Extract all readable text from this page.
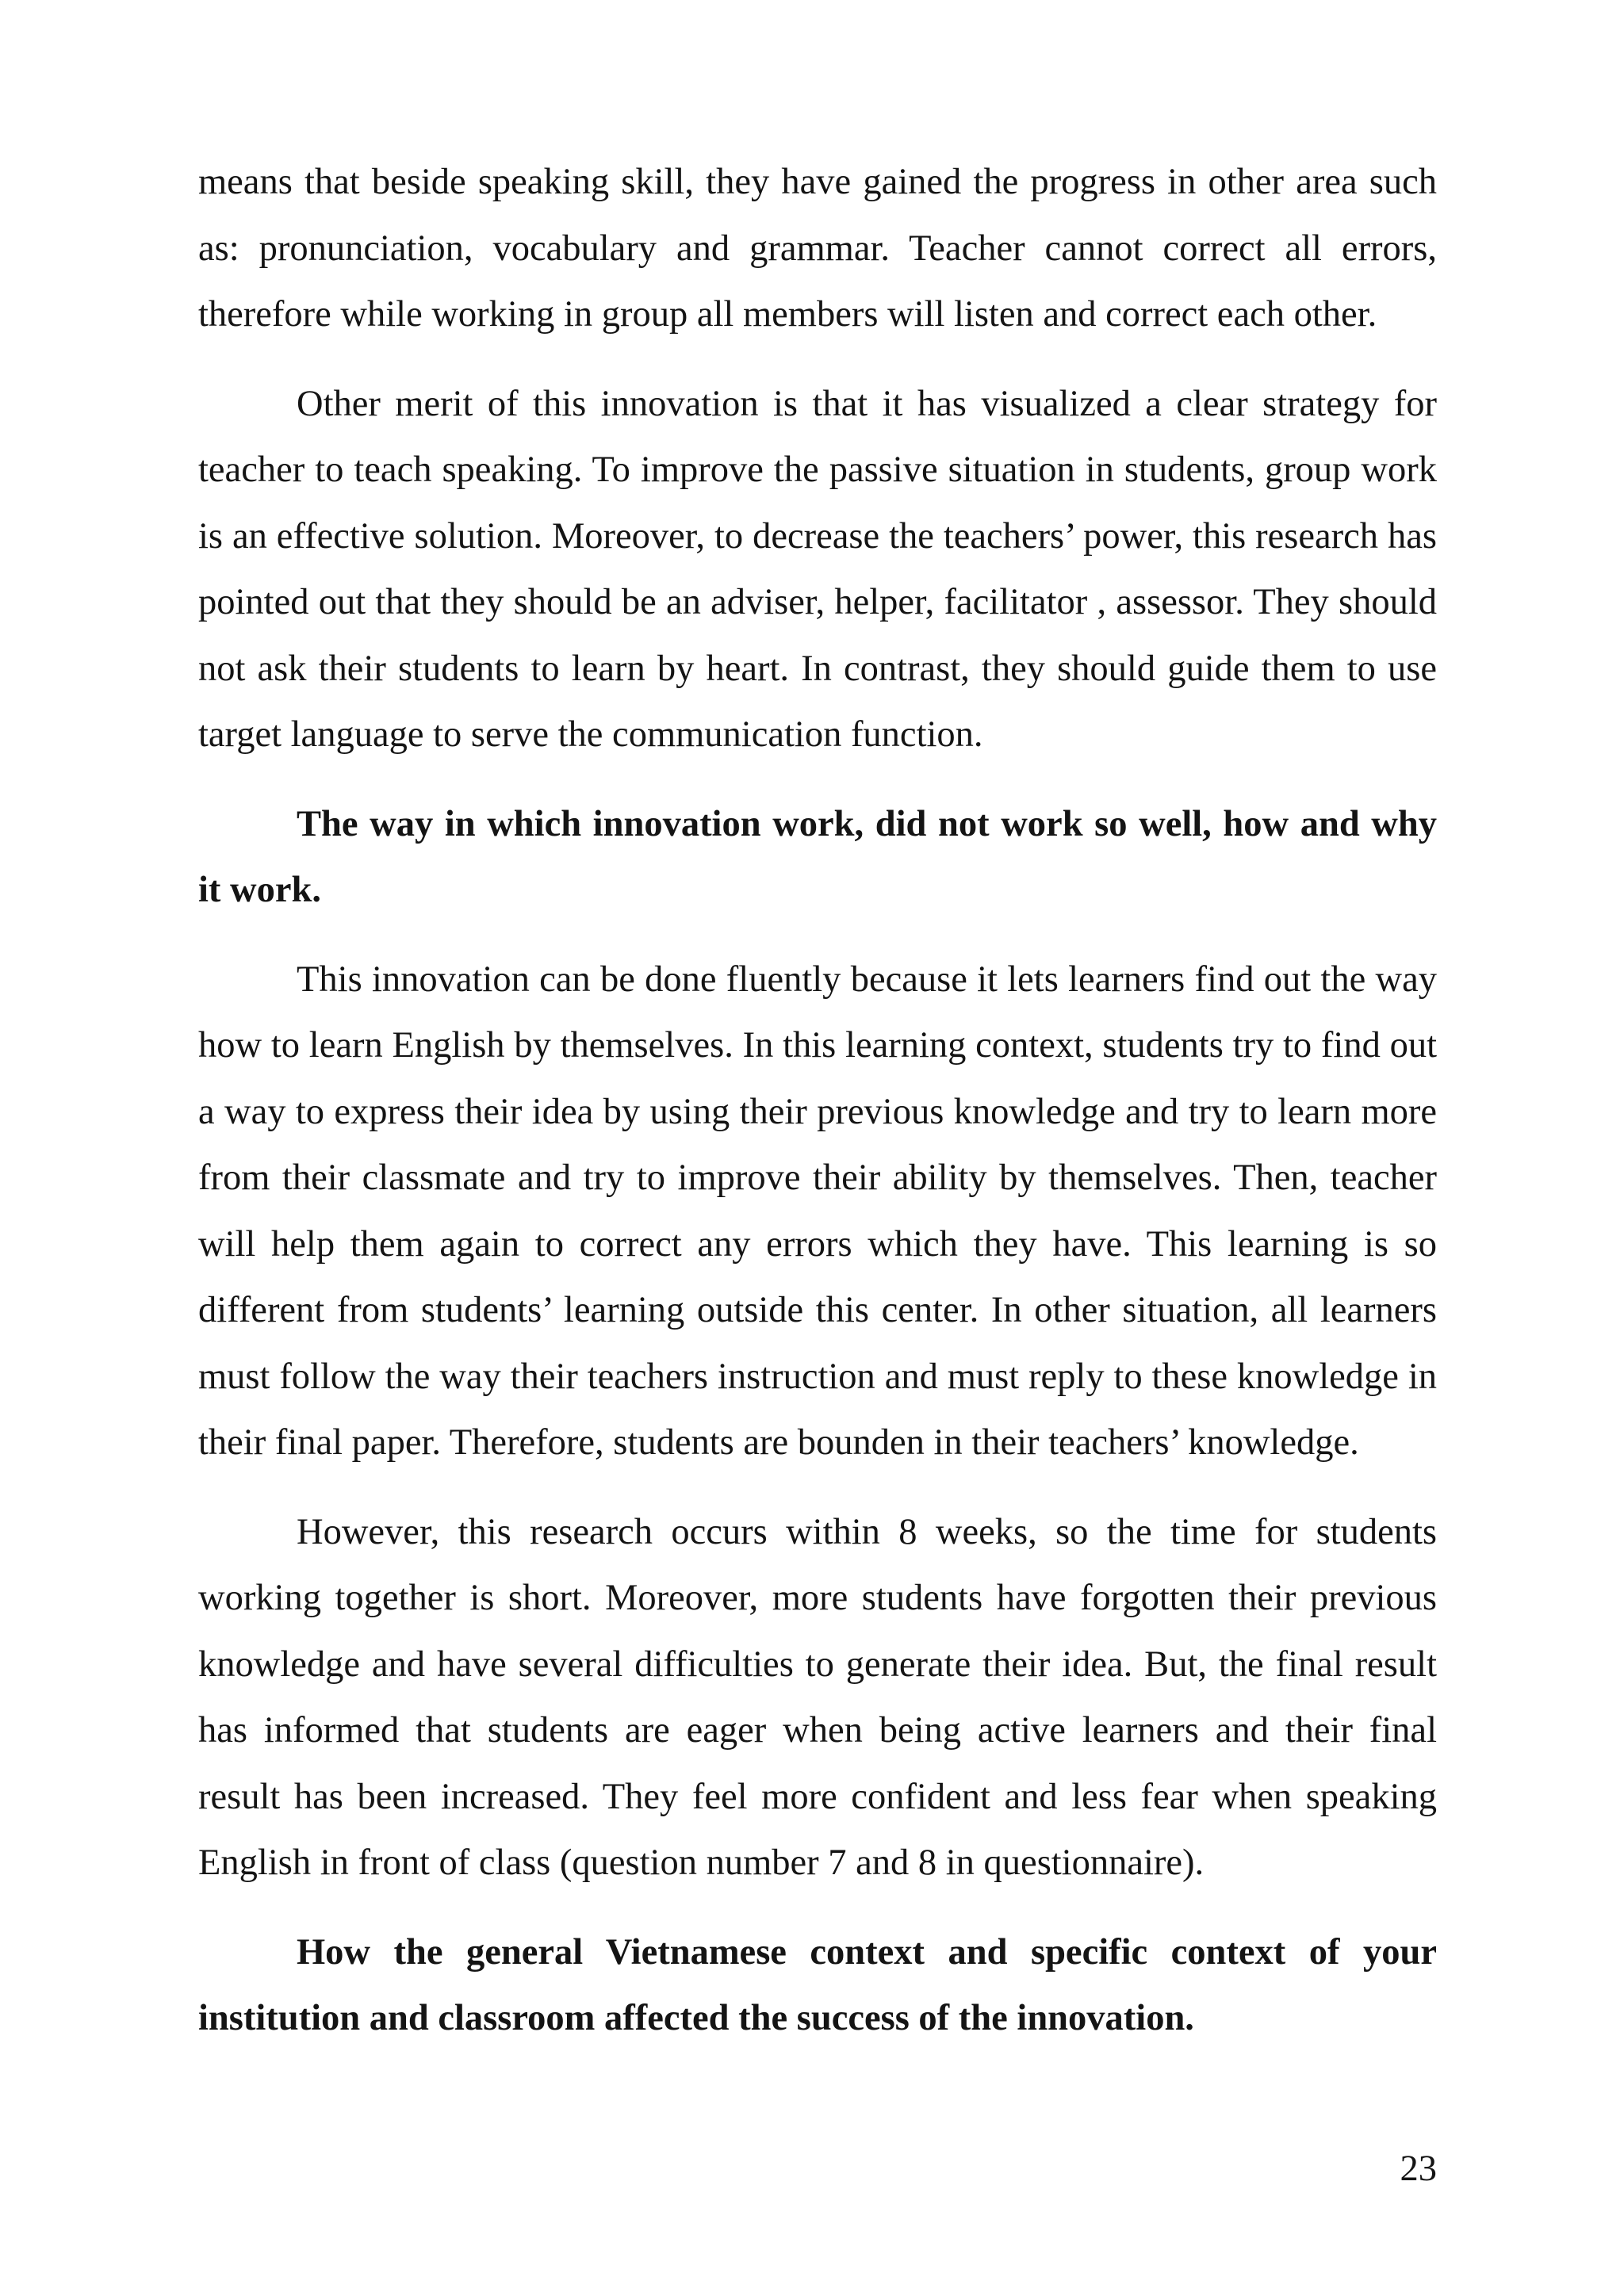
means that beside speaking skill, they have gained the progress in other area such as: pronunciation, vocabulary and grammar. Teacher cannot correct all errors, therefore while working in group all members will listen and correct each other.

Other merit of this innovation is that it has visualized a clear strategy for teacher to teach speaking. To improve the passive situation in students, group work is an effective solution. Moreover, to decrease the teachers’ power, this research has pointed out that they should be an adviser, helper, facilitator , assessor. They should not ask their students to learn by heart. In contrast, they should guide them to use target language to serve the communication function.

The way in which innovation work, did not work so well, how and why it work.

This innovation can be done fluently because it lets learners find out the way how to learn English by themselves. In this learning context, students try to find out a way to express their idea by using their previous knowledge and try to learn more from their classmate and try to improve their ability by themselves. Then, teacher will help them again to correct any errors which they have. This learning is so different from students’ learning outside this center. In other situation, all learners must follow the way their teachers instruction and must reply to these knowledge in their final paper. Therefore, students are bounden in their teachers’ knowledge.

However, this research occurs within 8 weeks, so the time for students working together is short. Moreover, more students have forgotten their previous knowledge and have several difficulties to generate their idea. But, the final result has informed that students are eager when being active learners and their final result has been increased. They feel more confident and less fear when speaking English in front of class (question number 7 and 8 in questionnaire).

How the general Vietnamese context and specific context of your institution and classroom affected the success of the innovation.

23
